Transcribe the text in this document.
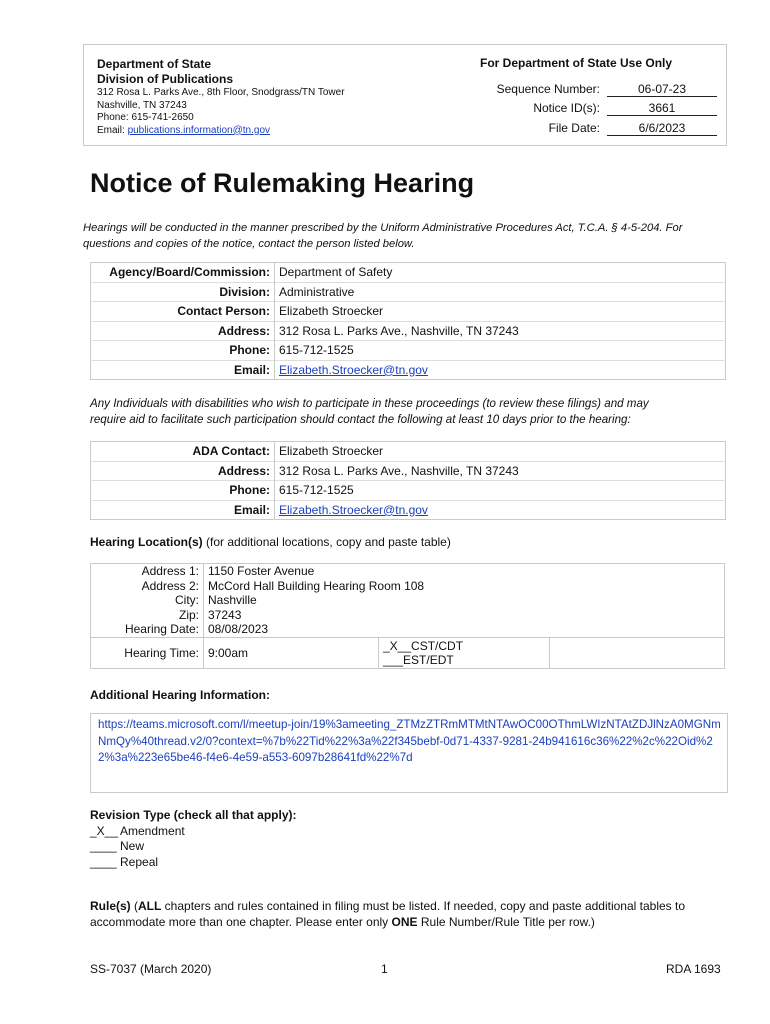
Department of State
Division of Publications
312 Rosa L. Parks Ave., 8th Floor, Snodgrass/TN Tower
Nashville, TN 37243
Phone: 615-741-2650
Email: publications.information@tn.gov
For Department of State Use Only
Sequence Number:	06-07-23
Notice ID(s):	3661
File Date:	6/6/2023
Notice of Rulemaking Hearing
Hearings will be conducted in the manner prescribed by the Uniform Administrative Procedures Act, T.C.A. § 4-5-204. For
questions and copies of the notice, contact the person listed below.
Agency/Board/Commission:	Department of Safety
Division:	Administrative
Contact Person:	Elizabeth Stroecker
Address:	312 Rosa L. Parks Ave., Nashville, TN 37243
Phone:	615-712-1525
Email:	Elizabeth.Stroecker@tn.gov
Any Individuals with disabilities who wish to participate in these proceedings (to review these filings) and may
require aid to facilitate such participation should contact the following at least 10 days prior to the hearing:
ADA Contact:	Elizabeth Stroecker
Address:	312 Rosa L. Parks Ave., Nashville, TN 37243
Phone:	615-712-1525
Email:	Elizabeth.Stroecker@tn.gov
Hearing Location(s) (for additional locations, copy and paste table)
Address 1:	1150 Foster Avenue		
Address 2:	McCord Hall Building Hearing Room 108		
City:	Nashville		
Zip:	37243		
Hearing Date:	08/08/2023		
Hearing Time:	9:00am	_X__CST/CDT
___EST/EDT	

Additional Hearing Information:
https://teams.microsoft.com/l/meetup-join/19%3ameeting_ZTMzZTRmMTMtNTAwOC00OThmLWIzNTAtZDJlNzA0MGNmNmQy%40thread.v2/0?context=%7b%22Tid%22%3a%22f345bebf-0d71-4337-9281-24b941616c36%22%2c%22Oid%22%3a%223e65be46-f4e6-4e59-a553-6097b28641fd%22%7d
Revision Type (check all that apply):
_X__ Amendment
____ New
____ Repeal
Rule(s) (ALL chapters and rules contained in filing must be listed. If needed, copy and paste additional tables to
accommodate more than one chapter. Please enter only ONE Rule Number/Rule Title per row.)
SS-7037 (March 2020)	1	RDA 1693
